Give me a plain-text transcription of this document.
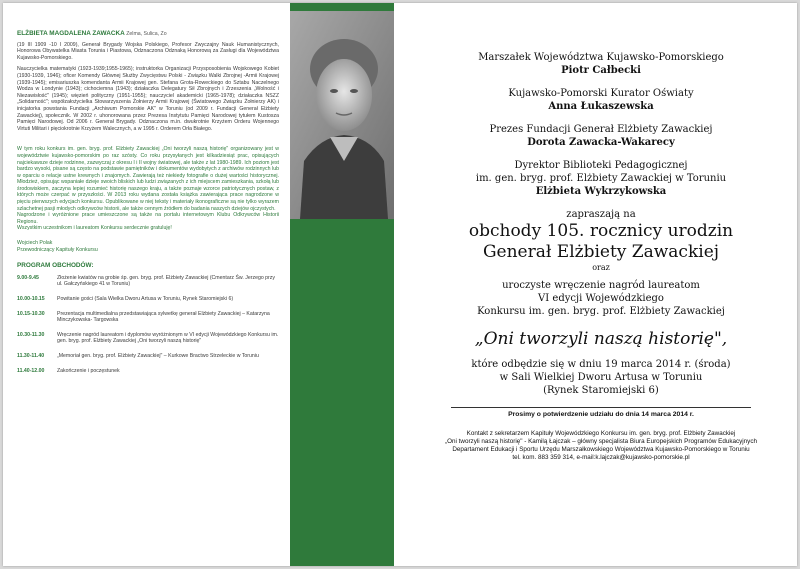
ELŻBIETA MAGDALENA ZAWACKA Zelma, Sulica, Zo

(19 III 1909 -10 I 2009), Generał Brygady Wojska Polskiego, Profesor Zwyczajny Nauk Humanistycznych, Honorowa Obywatelka Miasta Torunia i Piastowa, Odznaczona Odznaką Honorową za Zasługi dla Województwa Kujawsko-Pomorskiego.

Nauczycielka matematyki (1923-1939;1955-1965); instruktorka Organizacji Przysposobienia Wojskowego Kobiet (1930-1939, 1946); oficer Komendy Głównej Służby Zwycięstwu Polski - Związku Walki Zbrojnej -Armii Krajowej (1939-1945); emisariuszka komendanta Armii Krajowej gen. Stefana Grota-Roweckiego do Sztabu Naczelnego Wodza w Londynie (1943); cichociemna (1943); działaczka Delegatury Sił Zbrojnych i Zrzeszenia „Wolność i Niezawisłość" (1945); więzień polityczny (1951-1955); nauczyciel akademicki (1965-1978); działaczka NSZZ „Solidarność"; współzałożycielka Stowarzyszenia Żołnierzy Armii Krajowej (Światowego Związku Żołnierzy AK) i inicjatorka powstania Fundacji „Archiwum Pomorskie AK" w Toruniu (od 2009 r. Fundacji Generał Elżbiety Zawackiej), społecznik. W 2002 r. uhonorowana przez Prezesa Instytutu Pamięci Narodowej tytułem Kustosza Pamięci Narodowej. Od 2006 r. Generał Brygady. Odznaczona m.in. dwukrotnie Krzyżem Orderu Wojennego Virtuti Militari i pięciokrotnie Krzyżem Walecznych, a w 1995 r. Orderem Orła Białego.

W tym roku konkurs im. gen. bryg. prof. Elżbiety Zawackiej „Oni tworzyli naszą historię" organizowany jest w województwie kujawsko-pomorskim po raz szósty. Co roku przysyłanych jest kilkadziesiąt prac, opisujących najciekawsze dzieje rodzinne, zazwyczaj z okresu I i II wojny światowej, ale także z lat 1980-1989. Ich poziom jest bardzo wysoki, pisane są często na podstawie pamiętników i dokumentów wydobytych z archiwów rodzinnych lub w oparciu o relacje ustne krewnych i znajomych. Zawierają też niekiedy fotografie o dużej wartości historycznej. Młodzież, opisując wspaniałe dzieje swoich bliskich lub ludzi związanych z ich miejscem zamieszkania, szkołą lub środowiskiem, zaczyna lepiej rozumieć historię naszego kraju, a także poznaje wzorce patriotycznych postaw, z których może czerpać w przyszłości. W 2013 roku wydana została książka zawierająca prace nagrodzone w pięciu pierwszych edycjach konkursu. Opublikowane w niej teksty i materiały ikonograficzne są nie tylko wyrazem szlachetnej pasji młodych odkrywców historii, ale także cennym źródłem do badania naszych dziejów ojczystych.

Nagrodzone i wyróżnione prace umieszczone są także na portalu internetowym Klubu Odkrywców Historii Regionu.

Wszystkim uczestnikom i laureatom Konkursu serdecznie gratuluję!

Wojciech Polak
Przewodniczący Kapituły Konkursu
PROGRAM OBCHODÓW:
9.00-9.45	Złożenie kwiatów na grobie śp. gen. bryg. prof. Elżbiety Zawackiej (Cmentarz Św. Jerzego przy ul. Gałczyńskiego 41 w Toruniu)
10.00-10.15	Powitanie gości (Sala Wielka Dworu Artusa w Toruniu, Rynek Staromiejski 6)
10.15-10.30	Prezentacja multimedialna przedstawiająca sylwetkę generał Elżbiety Zawackiej – Katarzyna Minczykowska- Targowska
10.30-11.30	Wręczenie nagród laureatom i dyplomów wyróżnionym w VI edycji Wojewódzkiego Konkursu im. gen. bryg. prof. Elżbiety Zawackiej „Oni tworzyli naszą historię"
11.30-11.40	„Memoriał gen. bryg. prof. Elżbiety Zawackiej" – Kurkowe Bractwo Strzeleckie w Toruniu
11.40-12.00	Zakończenie i poczęstunek
Marszałek Województwa Kujawsko-Pomorskiego
Piotr Całbecki
Kujawsko-Pomorski Kurator Oświaty
Anna Łukaszewska
Prezes Fundacji Generał Elżbiety Zawackiej
Dorota Zawacka-Wakarecy
Dyrektor Biblioteki Pedagogicznej
im. gen. bryg. prof. Elżbiety Zawackiej w Toruniu
Elżbieta Wykrzykowska
zapraszają na
obchody 105. rocznicy urodzin
Generał Elżbiety Zawackiej
oraz
uroczyste wręczenie nagród laureatom
VI edycji Wojewódzkiego
Konkursu im. gen. bryg. prof. Elżbiety Zawackiej
„Oni tworzyli naszą historię",
które odbędzie się w dniu 19 marca 2014 r. (środa)
w Sali Wielkiej Dworu Artusa w Toruniu
(Rynek Staromiejski 6)
Prosimy o potwierdzenie udziału do dnia 14 marca 2014 r.
Kontakt z sekretarzem Kapituły Wojewódzkiego Konkursu im. gen. bryg. prof. Elżbiety Zawackiej
„Oni tworzyli naszą historię" - Kamilą Łajczak – główny specjalista Biura Europejskich Programów Edukacyjnych
Departament Edukacji i Sportu Urzędu Marszałkowskiego Województwa Kujawsko-Pomorskiego w Toruniu
tel. kom. 883 359 314, e-mail:k.lajczak@kujawsko-pomorskie.pl
